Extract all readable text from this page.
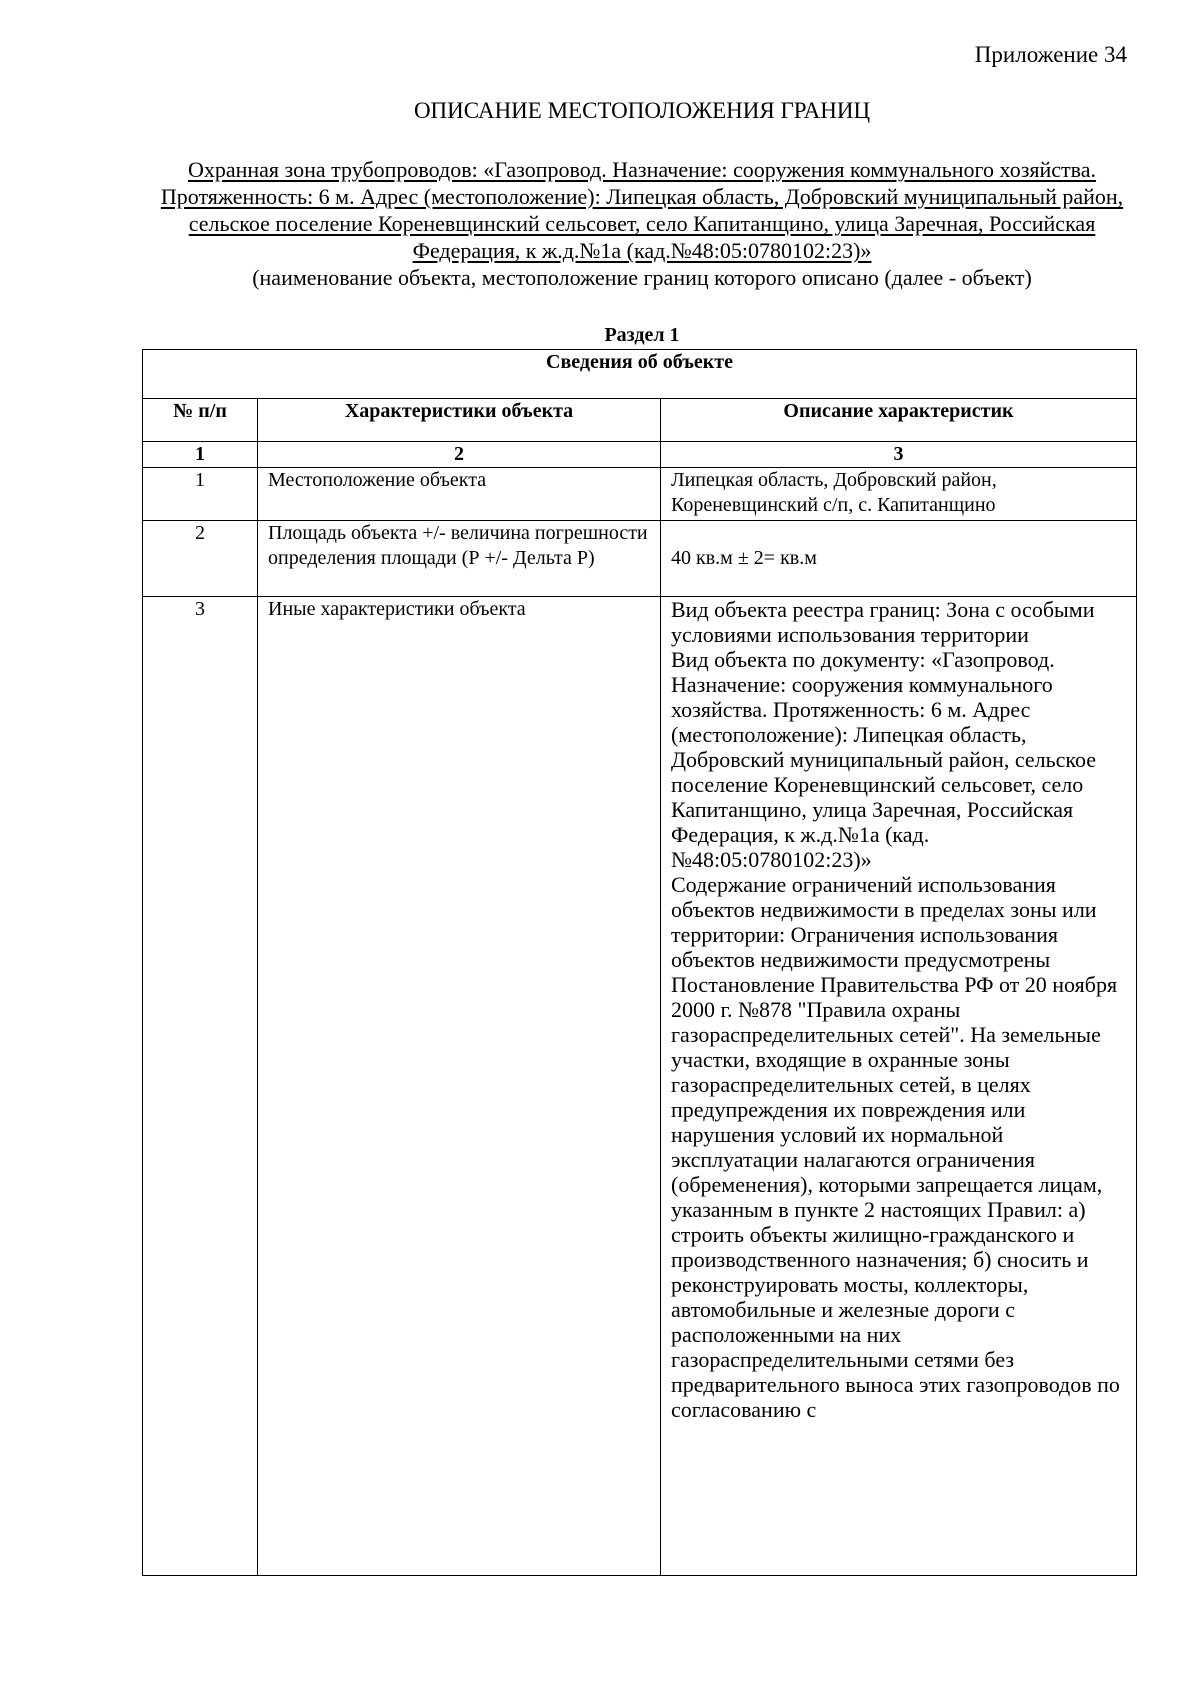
Приложение 34
ОПИСАНИЕ МЕСТОПОЛОЖЕНИЯ ГРАНИЦ
Охранная зона трубопроводов: «Газопровод. Назначение: сооружения коммунального хозяйства. Протяженность: 6 м. Адрес (местоположение): Липецкая область, Добровский муниципальный район, сельское поселение Кореневщинский сельсовет, село Капитанщино, улица Заречная, Российская Федерация, к ж.д.№1а (кад.№48:05:0780102:23)»
(наименование объекта, местоположение границ которого описано (далее - объект)
Раздел 1
Сведения об объекте		
№ п/п	Характеристики объекта	Описание характеристик
1	2	3
1	Местоположение объекта	Липецкая область, Добровский район, Кореневщинский с/п, с. Капитанщино
2	Площадь объекта +/- величина погрешности определения площади (Р +/- Дельта Р)	40 кв.м ± 2= кв.м
3	Иные характеристики объекта	Вид объекта реестра границ: Зона с особыми условиями использования территории
Вид объекта по документу: «Газопровод. Назначение: сооружения коммунального хозяйства. Протяженность: 6 м. Адрес (местоположение): Липецкая область, Добровский муниципальный район, сельское поселение Кореневщинский сельсовет, село Капитанщино, улица Заречная, Российская Федерация, к ж.д.№1а (кад.№48:05:0780102:23)»
Содержание ограничений использования объектов недвижимости в пределах зоны или территории: Ограничения использования объектов недвижимости предусмотрены Постановление Правительства РФ от 20 ноября 2000 г. №878 "Правила охраны газораспределительных сетей". На земельные участки, входящие в охранные зоны газораспределительных сетей, в целях предупреждения их повреждения или нарушения условий их нормальной эксплуатации налагаются ограничения (обременения), которыми запрещается лицам, указанным в пункте 2 настоящих Правил: а) строить объекты жилищно-гражданского и производственного назначения; б) сносить и реконструировать мосты, коллекторы, автомобильные и железные дороги с расположенными на них газораспределительными сетями без предварительного выноса этих газопроводов по согласованию с
